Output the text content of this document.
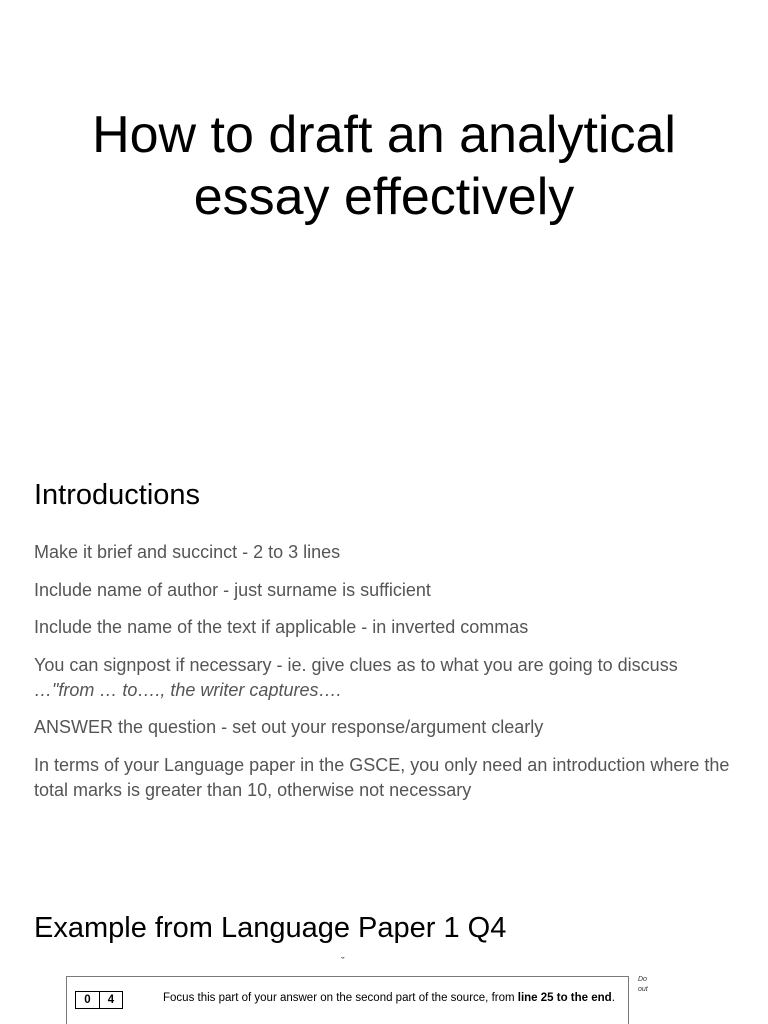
How to draft an analytical
essay effectively
Introductions
Make it brief and succinct - 2 to 3 lines
Include name of author - just surname is sufficient
Include the name of the text if applicable - in inverted commas
You can signpost if necessary - ie. give clues as to what you are going to discuss
…"from … to…., the writer captures….
ANSWER the question - set out your response/argument clearly
In terms of your Language paper in the GSCE, you only need an introduction where the total marks is greater than 10, otherwise not necessary
Example from Language Paper 1 Q4
ˇ
0	4	Focus this part of your answer on the second part of the source, from line 25 to the end.
Do
out
